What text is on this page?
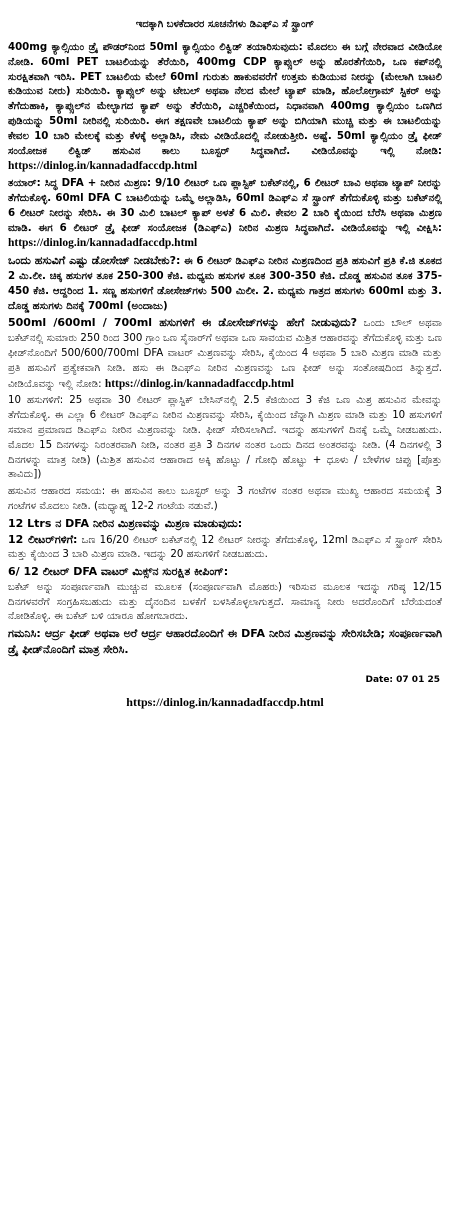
ಇದಕ್ಕಾಗಿ ಬಳಕೆದಾರರ ಸೂಚನೆಗಳು ಡಿಎಫ್ಎ ಸೆ ಸ್ಟ್ರಾಂಗ್

400mg ಕ್ಯಾಲ್ಸಿಯಂ ಡ್ರೈ ಪೌಡರ್‌ನಿಂದ 50ml ಕ್ಯಾಲ್ಸಿಯಂ ಲಿಕ್ವಿಡ್ ತಯಾರಿಸುವುದು: ಮೊದಲು ಈ ಬಗ್ಗೆ ನೇರವಾದ ವೀಡಿಯೋ ನೋಡಿ. 60ml PET ಬಾಟಲಿಯನ್ನು ತೆರೆಯಿರಿ, 400mg CDP ಕ್ಯಾಪ್ಸುಲ್ ಅನ್ನು ಹೊರತೆಗೆಯಿರಿ, ಒಣ ಕಪ್‌ನಲ್ಲಿ ಸುರಕ್ಷಿತವಾಗಿ ಇರಿಸಿ. PET ಬಾಟಲಿಯ ಮೇಲೆ 60ml ಗುರುತು ಹಾಕುವವರೆಗೆ ಉತ್ತಮ ಕುಡಿಯುವ ನೀರನ್ನು (ಮೇಲಾಗಿ ಬಾಟಲಿ ಕುಡಿಯುವ ನೀರು) ಸುರಿಯಿರಿ. ಕ್ಯಾಪ್ಸುಲ್ ಅನ್ನು ಟೇಬಲ್ ಅಥವಾ ನೆಲದ ಮೇಲೆ ಟ್ಯಾಪ್ ಮಾಡಿ, ಹೊಲೋಗ್ರಾಮ್ ಸ್ಟಿಕರ್ ಅನ್ನು ತೆಗೆದುಹಾಕಿ, ಕ್ಯಾಪ್ಸುಲ್‌ನ ಮೇಲ್ಭಾಗದ ಕ್ಯಾಪ್ ಅನ್ನು ತೆರೆಯಿರಿ, ಎಚ್ಚರಿಕೆಯಿಂದ, ನಿಧಾನವಾಗಿ 400mg ಕ್ಯಾಲ್ಸಿಯಂ ಒಣಗಿದ ಪುಡಿಯನ್ನು 50ml ನೀರಿನಲ್ಲಿ ಸುರಿಯಿರಿ. ಈಗ ತಕ್ಷಣವೇ ಬಾಟಲಿಯ ಕ್ಯಾಪ್ ಅನ್ನು ಬಿಗಿಯಾಗಿ ಮುಚ್ಚಿ ಮತ್ತು ಈ ಬಾಟಲಿಯನ್ನು ಕೇವಲ 10 ಬಾರಿ ಮೇಲಕ್ಕೆ ಮತ್ತು ಕೆಳಕ್ಕೆ ಅಲ್ಲಾಡಿಸಿ, ನೇಮ ವೀಡಿಯೊದಲ್ಲಿ ನೋಡುತ್ತೀರಿ. ಅಷ್ಟೆ. 50ml ಕ್ಯಾಲ್ಸಿಯಂ ಡ್ರೈ ಫೀಡ್ ಸಂಯೋಜಕ ಲಿಕ್ವಿಡ್ ಹಸುವಿನ ಕಾಲು ಬೂಸ್ಟರ್ ಸಿದ್ಧವಾಗಿದೆ. ವೀಡಿಯೊವನ್ನು ಇಲ್ಲಿ ನೋಡಿ: https://dinlog.in/kannadadfaccdp.html

ತಯಾರ್: ಸಿದ್ಧ DFA + ನೀರಿನ ಮಿಶ್ರಣ: 9/10 ಲೀಟರ್ ಒಣ ಪ್ಲಾಸ್ಟಿಕ್ ಬಕೆಟ್‌ನಲ್ಲಿ, 6 ಲೀಟರ್ ಬಾವಿ ಅಥವಾ ಟ್ಯಾಪ್ ನೀರನ್ನು ತೆಗೆದುಕೊಳ್ಳಿ. 60ml DFA C ಬಾಟಲಿಯನ್ನು ಒಮ್ಮೆ ಅಲ್ಲಾಡಿಸಿ, 60ml ಡಿಎಫ್ಎ ಸೆ ಸ್ಟ್ರಾಂಗ್ ತೆಗೆದುಕೊಳ್ಳಿ ಮತ್ತು ಬಕೆಟ್‌ನಲ್ಲಿ 6 ಲೀಟರ್ ನೀರನ್ನು ಸೇರಿಸಿ. ಈ 30 ಮಿಲಿ ಬಾಟಲ್ ಕ್ಯಾಪ್ ಅಳತೆ 6 ಮಿಲಿ. ಕೇವಲ 2 ಬಾರಿ ಕೈಯಿಂದ ಬೆರೆಸಿ ಅಥವಾ ಮಿಶ್ರಣ ಮಾಡಿ. ಈಗ 6 ಲೀಟರ್ ಡ್ರೈ ಫೀಡ್ ಸಂಯೋಜಕ (ಡಿಎಫ್ಎ) ನೀರಿನ ಮಿಶ್ರಣ ಸಿದ್ಧವಾಗಿದೆ. ವೀಡಿಯೊವನ್ನು ಇಲ್ಲಿ ವೀಕ್ಷಿಸಿ: https://dinlog.in/kannadadfaccdp.html

ಒಂದು ಹಸುವಿಗೆ ಎಷ್ಟು ಡೋಸೇಜ್ ನೀಡಬೇಕು?: ಈ 6 ಲೀಟರ್ ಡಿಎಫ್ಎ ನೀರಿನ ಮಿಶ್ರಣದಿಂದ ಪ್ರತಿ ಹಸುವಿಗೆ ಪ್ರತಿ ಕೆ.ಜಿ ತೂಕದ 2 ಮಿ.ಲೀ. ಚಿಕ್ಕ ಹಸುಗಳ ತೂಕ 250-300 ಕೆಜಿ. ಮಧ್ಯಮ ಹಸುಗಳ ತೂಕ 300-350 ಕೆಜಿ. ದೊಡ್ಡ ಹಸುವಿನ ತೂಕ 375-450 ಕೆಜಿ. ಆದ್ದರಿಂದ 1. ಸಣ್ಣ ಹಸುಗಳಿಗೆ ಡೋಸೇಜ್‌ಗಳು 500 ಮಿಲೀ. 2. ಮಧ್ಯಮ ಗಾತ್ರದ ಹಸುಗಳು 600ml ಮತ್ತು 3. ದೊಡ್ಡ ಹಸುಗಳು ದಿನಕ್ಕೆ 700ml (ಅಂದಾಜು)

500ml /600ml / 700ml ಹಸುಗಳಿಗೆ ಈ ಡೋಸೇಜ್‌ಗಳನ್ನು ಹೇಗೆ ನೀಡುವುದು? ಒಂದು ಬೌಲ್ ಅಥವಾ ಬಕೆಟ್‌ನಲ್ಲಿ ಸುಮಾರು 250 ರಿಂದ 300 ಗ್ರಾಂ ಒಣ ಸೈನಾರ್‌ಗೆ ಅಥವಾ ಒಣ ಸಾವಯವ ಮಿಶ್ರಿತ ಆಹಾರವನ್ನು ತೆಗೆದುಕೊಳ್ಳಿ ಮತ್ತು ಒಣ ಫೀಡ್‌ನೊಂದಿಗೆ 500/600/700ml DFA ವಾಟರ್ ಮಿಶ್ರಣವನ್ನು ಸೇರಿಸಿ, ಕೈಯಿಂದ 4 ಅಥವಾ 5 ಬಾರಿ ಮಿಶ್ರಣ ಮಾಡಿ ಮತ್ತು ಪ್ರತಿ ಹಸುವಿಗೆ ಪ್ರತ್ಯೇಕವಾಗಿ ನೀಡಿ. ಹಸು ಈ ಡಿಎಫ್ಎ ನೀರಿನ ಮಿಶ್ರಣವನ್ನು ಒಣ ಫೀಡ್ ಅನ್ನು ಸಂತೋಷದಿಂದ ತಿನ್ನುತ್ತದೆ. ವೀಡಿಯೊವನ್ನು ಇಲ್ಲಿ ನೋಡಿ: https://dinlog.in/kannadadfaccdp.html

10 ಹಸುಗಳಿಗೆ: 25 ಅಥವಾ 30 ಲೀಟರ್ ಪ್ಲಾಸ್ಟಿಕ್ ಬೇಸಿನ್‌ನಲ್ಲಿ 2.5 ಕೆಜಿಯಿಂದ 3 ಕೆಜಿ ಒಣ ಮಿಶ್ರ ಹಸುವಿನ ಮೇವನ್ನು ತೆಗೆದುಕೊಳ್ಳಿ. ಈ ಎಲ್ಲಾ 6 ಲೀಟರ್ ಡಿಎಫ್ಎ ನೀರಿನ ಮಿಶ್ರಣವನ್ನು ಸೇರಿಸಿ, ಕೈಯಿಂದ ಚೆನ್ನಾಗಿ ಮಿಶ್ರಣ ಮಾಡಿ ಮತ್ತು 10 ಹಸುಗಳಿಗೆ ಸಮಾನ ಪ್ರಮಾಣದ ಡಿಎಫ್ಎ ನೀರಿನ ಮಿಶ್ರಣವನ್ನು ನೀಡಿ. ಫೀಡ್ ಸೇರಿಸಲಾಗಿದೆ. ಇದನ್ನು ಹಸುಗಳಿಗೆ ದಿನಕ್ಕೆ ಒಮ್ಮೆ ನೀಡಬಹುದು. ಮೊದಲ 15 ದಿನಗಳನ್ನು ನಿರಂತರವಾಗಿ ನೀಡಿ, ನಂತರ ಪ್ರತಿ 3 ದಿನಗಳ ನಂತರ ಒಂದು ದಿನದ ಅಂತರವನ್ನು ನೀಡಿ. (4 ದಿನಗಳಲ್ಲಿ 3 ದಿನಗಳನ್ನು ಮಾತ್ರ ನೀಡಿ) (ಮಿಶ್ರಿತ ಹಸುವಿನ ಆಹಾರಾದ ಅಕ್ಕಿ ಹೊಟ್ಟು / ಗೋಧಿ ಹೊಟ್ಟು + ಧೂಳು / ಬೇಳೆಗಳ ಚಿಪ್ಪು [ಪೊತ್ತು ತಾವಿದು])

ಹಸುವಿನ ಆಹಾರದ ಸಮಯ: ಈ ಹಸುವಿನ ಕಾಲು ಬೂಸ್ಟರ್ ಅನ್ನು 3 ಗಂಟೆಗಳ ನಂತರ ಅಥವಾ ಮುಖ್ಯ ಆಹಾರದ ಸಮಯಕ್ಕೆ 3 ಗಂಟೆಗಳ ಮೊದಲು ನೀಡಿ. (ಮಧ್ಯಾಹ್ನ 12-2 ಗಂಟೆಯ ನಡುವೆ.)

12 Ltrs ನ DFA ನೀರಿನ ಮಿಶ್ರಣವನ್ನು ಮಿಶ್ರಣ ಮಾಡುವುದು:
12 ಲೀಟರ್‌ಗಳಿಗೆ: ಒಣ 16/20 ಲೀಟರ್ ಬಕೆಟ್‌ನಲ್ಲಿ 12 ಲೀಟರ್ ನೀರನ್ನು ತೆಗೆದುಕೊಳ್ಳಿ, 12ml ಡಿಎಫ್ಎ ಸೆ ಸ್ಟ್ರಾಂಗ್ ಸೇರಿಸಿ ಮತ್ತು ಕೈಯಿಂದ 3 ಬಾರಿ ಮಿಶ್ರಣ ಮಾಡಿ. ಇದನ್ನು 20 ಹಸುಗಳಿಗೆ ನೀಡಬಹುದು.

6/ 12 ಲೀಟರ್ DFA ವಾಟರ್ ಮಿಕ್ಸ್‌ನ ಸುರಕ್ಷಿತ ಕೀಪಿಂಗ್:
ಬಕೆಟ್ ಅನ್ನು ಸಂಪೂರ್ಣವಾಗಿ ಮುಚ್ಚುವ ಮೂಲಕ (ಸಂಪೂರ್ಣವಾಗಿ ಮೊಹರು) ಇರಿಸುವ ಮೂಲಕ ಇದನ್ನು ಗರಿಷ್ಠ 12/15 ದಿನಗಳವರೆಗೆ ಸಂಗ್ರಹಿಸಬಹುದು ಮತ್ತು ದೈನಂದಿನ ಬಳಕೆಗೆ ಬಳಸಿಕೊಳ್ಳಲಾಗುತ್ತದೆ. ಸಾಮಾನ್ಯ ನೀರು ಅದರೊಂದಿಗೆ ಬೆರೆಯದಂತೆ ನೋಡಿಕೊಳ್ಳಿ. ಈ ಬಕೆಟ್ ಬಳಿ ಯಾರೂ ಹೋಗಬಾರದು.

ಗಮನಿಸಿ: ಆರ್ದ್ರ ಫೀಡ್ ಅಥವಾ ಅರೆ ಆರ್ದ್ರ ಆಹಾರದೊಂದಿಗೆ ಈ DFA ನೀರಿನ ಮಿಶ್ರಣವನ್ನು ಸೇರಿಸಬೇಡಿ; ಸಂಪೂರ್ಣವಾಗಿ ಡ್ರೈ ಫೀಡ್‌ನೊಂದಿಗೆ ಮಾತ್ರ ಸೇರಿಸಿ.

Date: 07 01 25
https://dinlog.in/kannadadfaccdp.html
